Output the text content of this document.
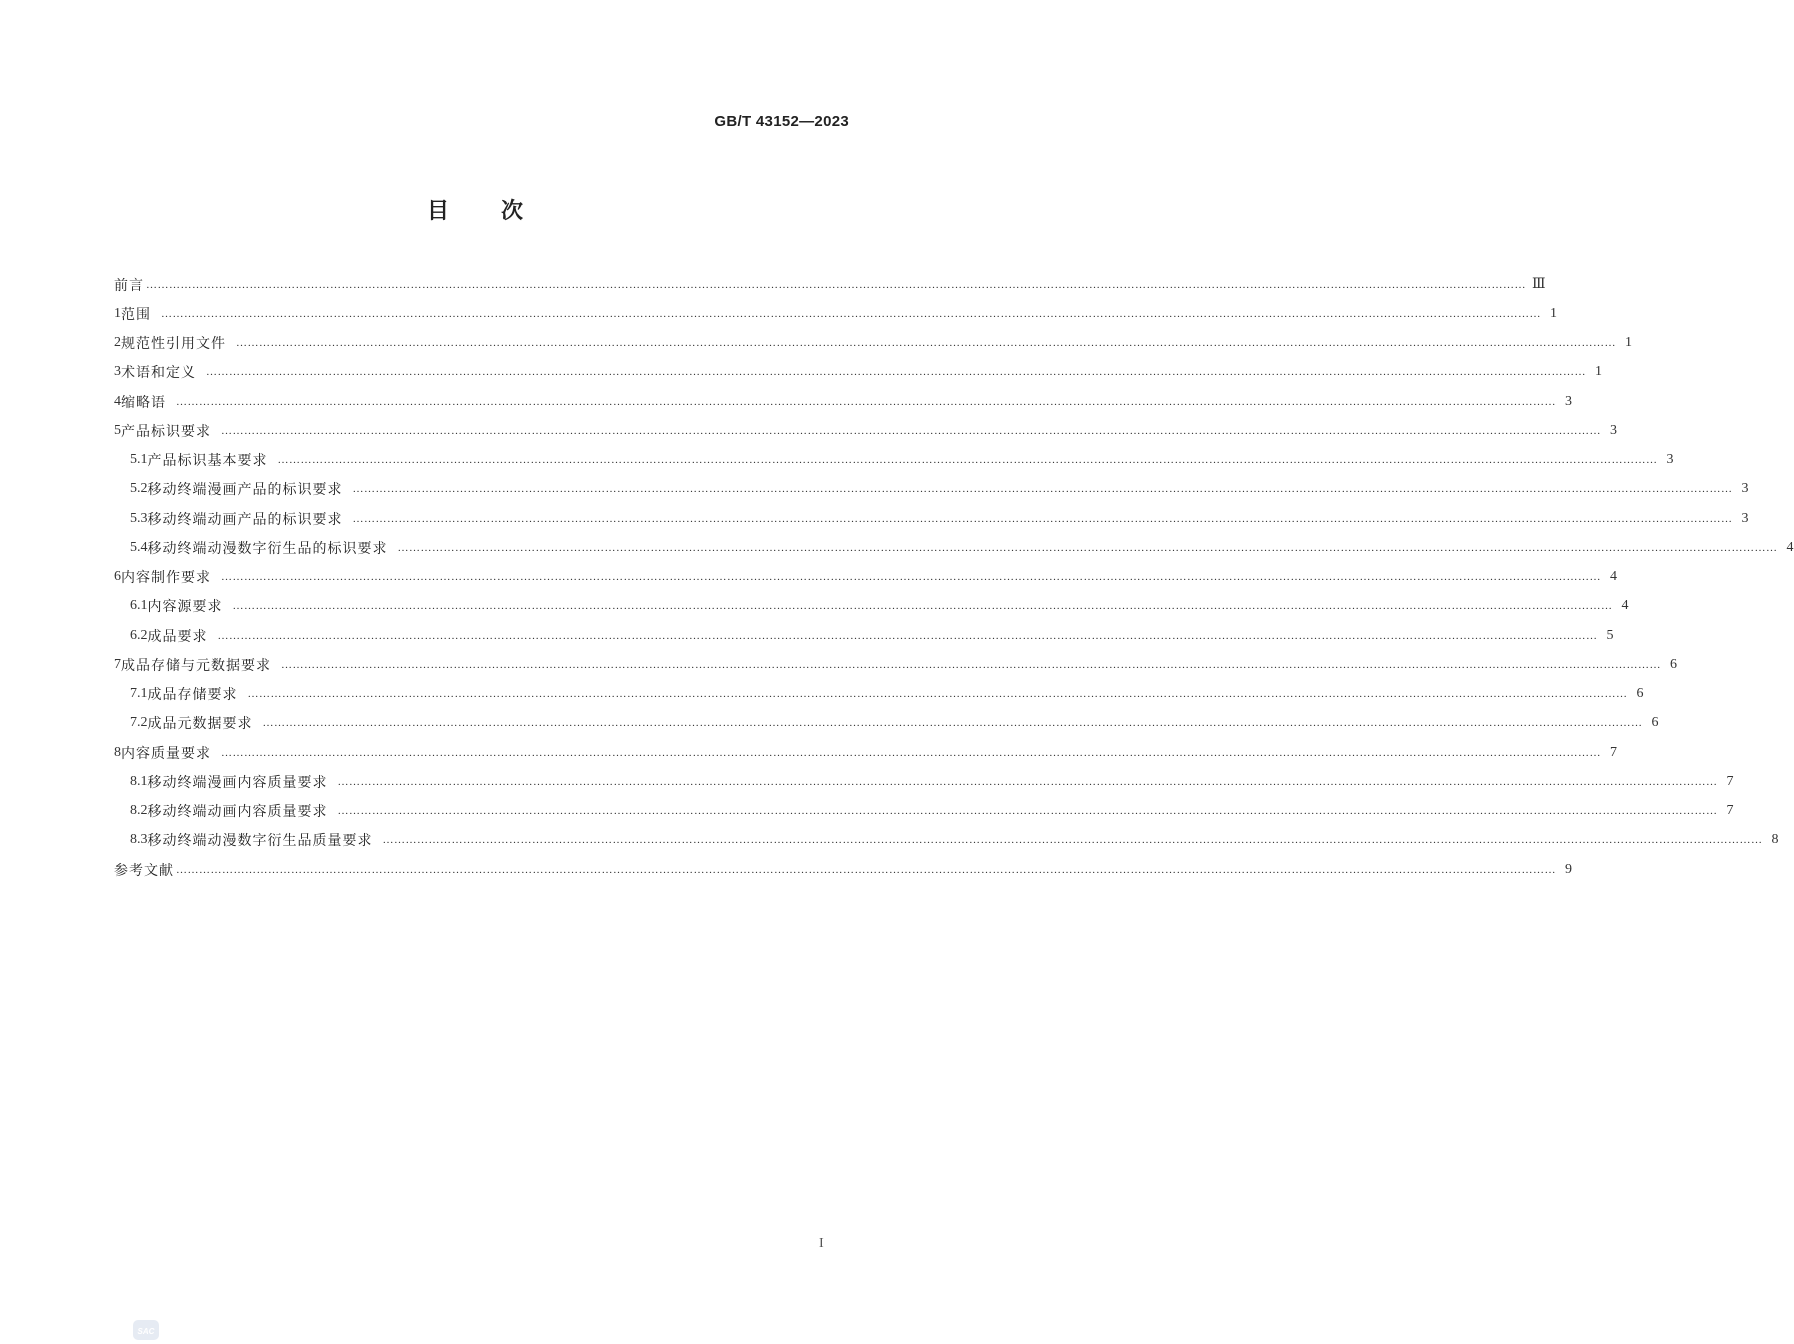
GB/T 43152—2023
目 次
前言 ……………………………………………………………………………………………………………………………………………………………………………………………………………………………………………………………………………………………………………………………… Ⅲ
1 范围 ……………………………………………………………………………………………………………………………………………………………………………………………………………………………………………………………………………………………………………………………… 1
2 规范性引用文件 ……………………………………………………………………………………………………………………………………………………………………………………………………………………………………………………………………………………………………………………………… 1
3 术语和定义 ……………………………………………………………………………………………………………………………………………………………………………………………………………………………………………………………………………………………………………………………… 1
4 缩略语 ……………………………………………………………………………………………………………………………………………………………………………………………………………………………………………………………………………………………………………………………… 3
5 产品标识要求 ……………………………………………………………………………………………………………………………………………………………………………………………………………………………………………………………………………………………………………………………… 3
5.1 产品标识基本要求 ……………………………………………………………………………………………………………………………………………………………………………………………………………………………………………………………………………………………………………………………… 3
5.2 移动终端漫画产品的标识要求 ……………………………………………………………………………………………………………………………………………………………………………………………………………………………………………………………………………………………………………………………… 3
5.3 移动终端动画产品的标识要求 ……………………………………………………………………………………………………………………………………………………………………………………………………………………………………………………………………………………………………………………………… 3
5.4 移动终端动漫数字衍生品的标识要求 ……………………………………………………………………………………………………………………………………………………………………………………………………………………………………………………………………………………………………………………………… 4
6 内容制作要求 ……………………………………………………………………………………………………………………………………………………………………………………………………………………………………………………………………………………………………………………………… 4
6.1 内容源要求 ……………………………………………………………………………………………………………………………………………………………………………………………………………………………………………………………………………………………………………………………… 4
6.2 成品要求 ……………………………………………………………………………………………………………………………………………………………………………………………………………………………………………………………………………………………………………………………… 5
7 成品存储与元数据要求 ……………………………………………………………………………………………………………………………………………………………………………………………………………………………………………………………………………………………………………………………… 6
7.1 成品存储要求 ……………………………………………………………………………………………………………………………………………………………………………………………………………………………………………………………………………………………………………………………… 6
7.2 成品元数据要求 ……………………………………………………………………………………………………………………………………………………………………………………………………………………………………………………………………………………………………………………………… 6
8 内容质量要求 ……………………………………………………………………………………………………………………………………………………………………………………………………………………………………………………………………………………………………………………………… 7
8.1 移动终端漫画内容质量要求 ……………………………………………………………………………………………………………………………………………………………………………………………………………………………………………………………………………………………………………………………… 7
8.2 移动终端动画内容质量要求 ……………………………………………………………………………………………………………………………………………………………………………………………………………………………………………………………………………………………………………………………… 7
8.3 移动终端动漫数字衍生品质量要求 ……………………………………………………………………………………………………………………………………………………………………………………………………………………………………………………………………………………………………………………………… 8
参考文献 ……………………………………………………………………………………………………………………………………………………………………………………………………………………………………………………………………………………………………………………………… 9
I
SAC
